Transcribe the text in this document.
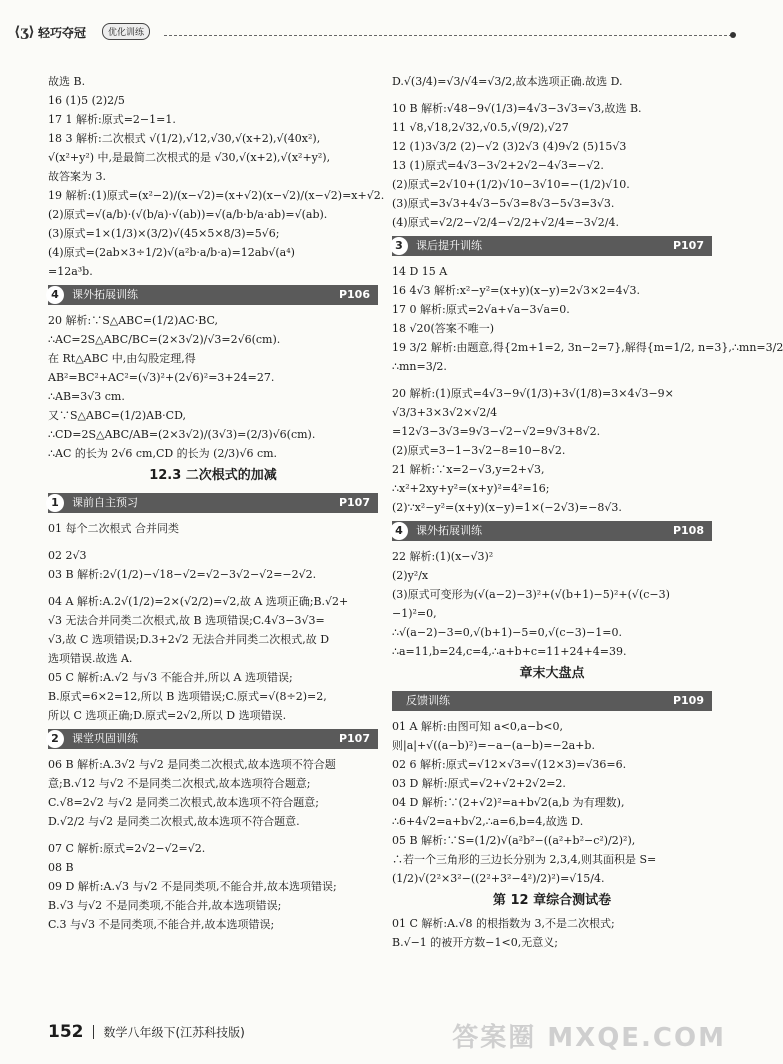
⟨ʒ⟩ 轻巧夺冠	优化训练
故选 B.
16 (1)5 (2)2/5
17 1 解析:原式=2−1=1.
18 3 解析:二次根式 √(1/2),√12,√30,√(x+2),√(40x²),
√(x²+y²) 中,是最简二次根式的是 √30,√(x+2),√(x²+y²),
故答案为 3.
19 解析:(1)原式=(x²−2)/(x−√2)=(x+√2)(x−√2)/(x−√2)=x+√2.
(2)原式=√(a/b)·(√(b/a)·√(ab))=√(a/b·b/a·ab)=√(ab).
(3)原式=1×(1/3)×(3/2)√(45×5×8/3)=5√6;
(4)原式=(2ab×3÷1/2)√(a²b·a/b·a)=12ab√(a⁴)
=12a³b.
4	课外拓展训练	P106
20 解析:∵S△ABC=(1/2)AC·BC,
∴AC=2S△ABC/BC=(2×3√2)/√3=2√6(cm).
在 Rt△ABC 中,由勾股定理,得
AB²=BC²+AC²=(√3)²+(2√6)²=3+24=27.
∴AB=3√3 cm.
又∵S△ABC=(1/2)AB·CD,
∴CD=2S△ABC/AB=(2×3√2)/(3√3)=(2/3)√6(cm).
∴AC 的长为 2√6 cm,CD 的长为 (2/3)√6 cm.
12.3 二次根式的加减
1	课前自主预习	P107
01 每个二次根式 合并同类
02 2√3
03 B 解析:2√(1/2)−√18−√2=√2−3√2−√2=−2√2.
04 A 解析:A.2√(1/2)=2×(√2/2)=√2,故 A 选项正确;B.√2+
√3 无法合并同类二次根式,故 B 选项错误;C.4√3−3√3=
√3,故 C 选项错误;D.3+2√2 无法合并同类二次根式,故 D
选项错误.故选 A.
05 C 解析:A.√2 与√3 不能合并,所以 A 选项错误;
B.原式=6×2=12,所以 B 选项错误;C.原式=√(8÷2)=2,
所以 C 选项正确;D.原式=2√2,所以 D 选项错误.
2	课堂巩固训练	P107
06 B 解析:A.3√2 与√2 是同类二次根式,故本选项不符合题
意;B.√12 与√2 不是同类二次根式,故本选项符合题意;
C.√8=2√2 与√2 是同类二次根式,故本选项不符合题意;
D.√2/2 与√2 是同类二次根式,故本选项不符合题意.
07 C 解析:原式=2√2−√2=√2.
08 B
09 D 解析:A.√3 与√2 不是同类项,不能合并,故本选项错误;
B.√3 与√2 不是同类项,不能合并,故本选项错误;
C.3 与√3 不是同类项,不能合并,故本选项错误;
D.√(3/4)=√3/√4=√3/2,故本选项正确.故选 D.
10 B 解析:√48−9√(1/3)=4√3−3√3=√3,故选 B.
11 √8,√18,2√32,√0.5,√(9/2),√27
12 (1)3√3/2 (2)−√2 (3)2√3 (4)9√2 (5)15√3
13 (1)原式=4√3−3√2+2√2−4√3=−√2.
(2)原式=2√10+(1/2)√10−3√10=−(1/2)√10.
(3)原式=3√3+4√3−5√3=8√3−5√3=3√3.
(4)原式=√2/2−√2/4−√2/2+√2/4=−3√2/4.
3	课后提升训练	P107
14 D 15 A
16 4√3 解析:x²−y²=(x+y)(x−y)=2√3×2=4√3.
17 0 解析:原式=2√a+√a−3√a=0.
18 √20(答案不唯一)
19 3/2 解析:由题意,得{2m+1=2, 3n−2=7},解得{m=1/2, n=3},∴mn=3/2
∴mn=3/2.
20 解析:(1)原式=4√3−9√(1/3)+3√(1/8)=3×4√3−9×
√3/3+3×3√2×√2/4
=12√3−3√3=9√3−√2−√2=9√3+8√2.
(2)原式=3−1−3√2−8=10−8√2.
21 解析:∵x=2−√3,y=2+√3,
∴x²+2xy+y²=(x+y)²=4²=16;
(2)∵x²−y²=(x+y)(x−y)=1×(−2√3)=−8√3.
4	课外拓展训练	P108
22 解析:(1)(x−√3)²
(2)y²/x
(3)原式可变形为(√(a−2)−3)²+(√(b+1)−5)²+(√(c−3)
−1)²=0,
∴√(a−2)−3=0,√(b+1)−5=0,√(c−3)−1=0.
∴a=11,b=24,c=4,∴a+b+c=11+24+4=39.
章末大盘点
反馈训练	P109
01 A 解析:由图可知 a<0,a−b<0,
则|a|+√((a−b)²)=−a−(a−b)=−2a+b.
02 6 解析:原式=√12×√3=√(12×3)=√36=6.
03 D 解析:原式=√2+√2+2√2=2.
04 D 解析:∵(2+√2)²=a+b√2(a,b 为有理数),
∴6+4√2=a+b√2,∴a=6,b=4,故选 D.
05 B 解析:∵S=(1/2)√(a²b²−((a²+b²−c²)/2)²),
∴若一个三角形的三边长分别为 2,3,4,则其面积是 S=
(1/2)√(2²×3²−((2²+3²−4²)/2)²)=√15/4.
第 12 章综合测试卷
01 C 解析:A.√8 的根指数为 3,不是二次根式;
B.√−1 的被开方数−1<0,无意义;
152 数学八年级下(江苏科技版)	答案圈 MXQE.COM
